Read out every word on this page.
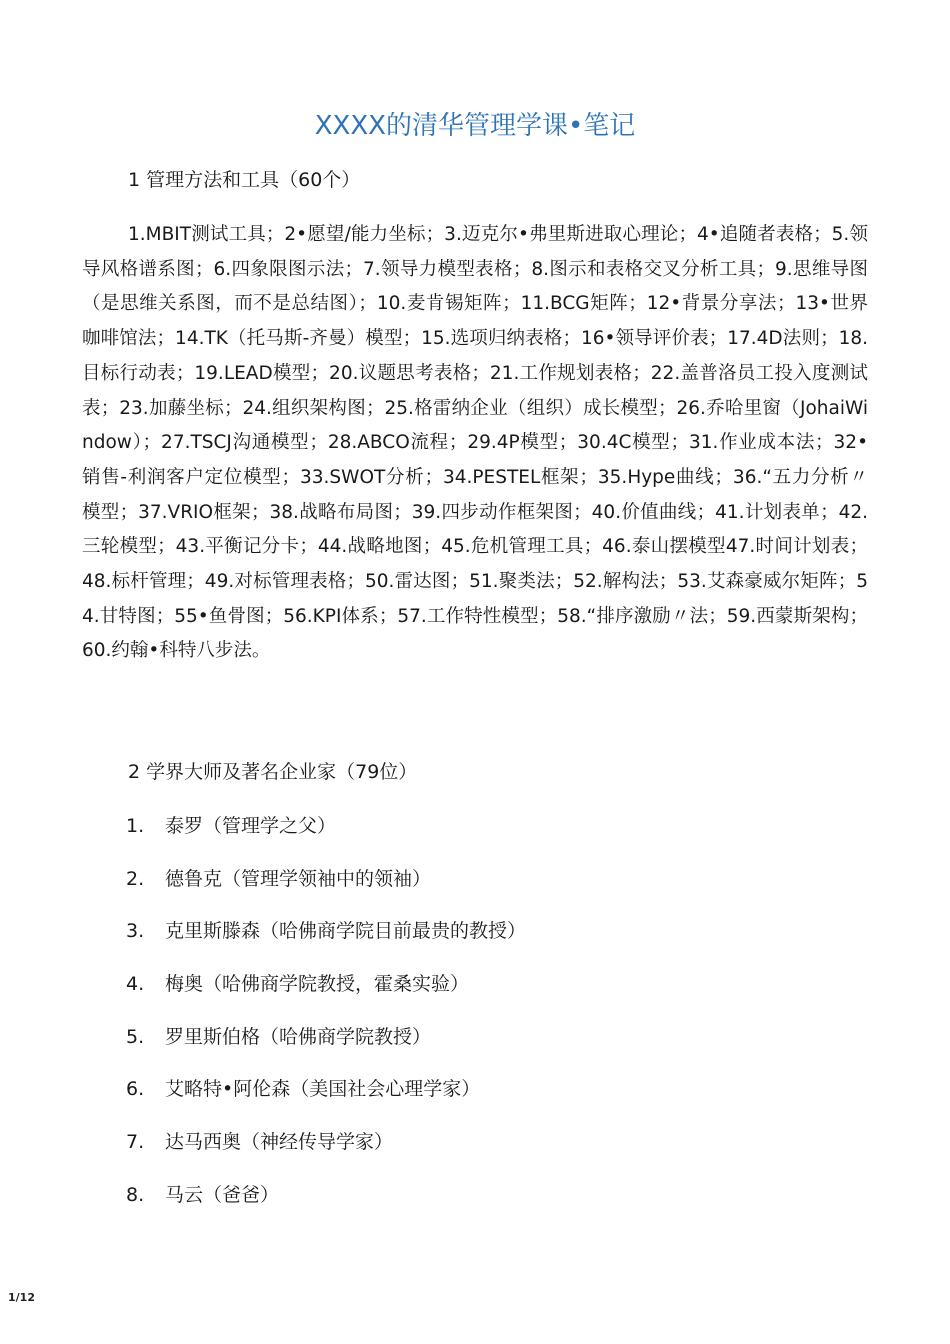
XXXX的清华管理学课•笔记
1 管理方法和工具（60个）

1.MBIT测试工具；2•愿望/能力坐标；3.迈克尔•弗里斯进取心理论；4•追随者表格；5.领导风格谱系图；6.四象限图示法；7.领导力模型表格；8.图示和表格交叉分析工具；9.思维导图（是思维关系图，而不是总结图）；10.麦肯锡矩阵；11.BCG矩阵；12•背景分享法；13•世界咖啡馆法；14.TK（托马斯-齐曼）模型；15.选项归纳表格；16•领导评价表；17.4D法则；18.目标行动表；19.LEAD模型；20.议题思考表格；21.工作规划表格；22.盖普洛员工投入度测试表；23.加藤坐标；24.组织架构图；25.格雷纳企业（组织）成长模型；26.乔哈里窗（JohaiWindow）；27.TSCJ沟通模型；28.ABCO流程；29.4P模型；30.4C模型；31.作业成本法；32•销售-利润客户定位模型；33.SWOT分析；34.PESTEL框架；35.Hype曲线；36.“五力分析〃模型；37.VRIO框架；38.战略布局图；39.四步动作框架图；40.价值曲线；41.计划表单；42.三轮模型；43.平衡记分卡；44.战略地图；45.危机管理工具；46.泰山摆模型47.时间计划表；48.标杆管理；49.对标管理表格；50.雷达图；51.聚类法；52.解构法；53.艾森豪威尔矩阵；54.甘特图；55•鱼骨图；56.KPI体系；57.工作特性模型；58.“排序激励〃法；59.西蒙斯架构；60.约翰•科特八步法。

2 学界大师及著名企业家（79位）
1.	泰罗（管理学之父）
2.	德鲁克（管理学领袖中的领袖）
3.	克里斯滕森（哈佛商学院目前最贵的教授）
4.	梅奥（哈佛商学院教授，霍桑实验）
5.	罗里斯伯格（哈佛商学院教授）
6.	艾略特•阿伦森（美国社会心理学家）
7.	达马西奥（神经传导学家）
8.	马云（爸爸）
1/12
